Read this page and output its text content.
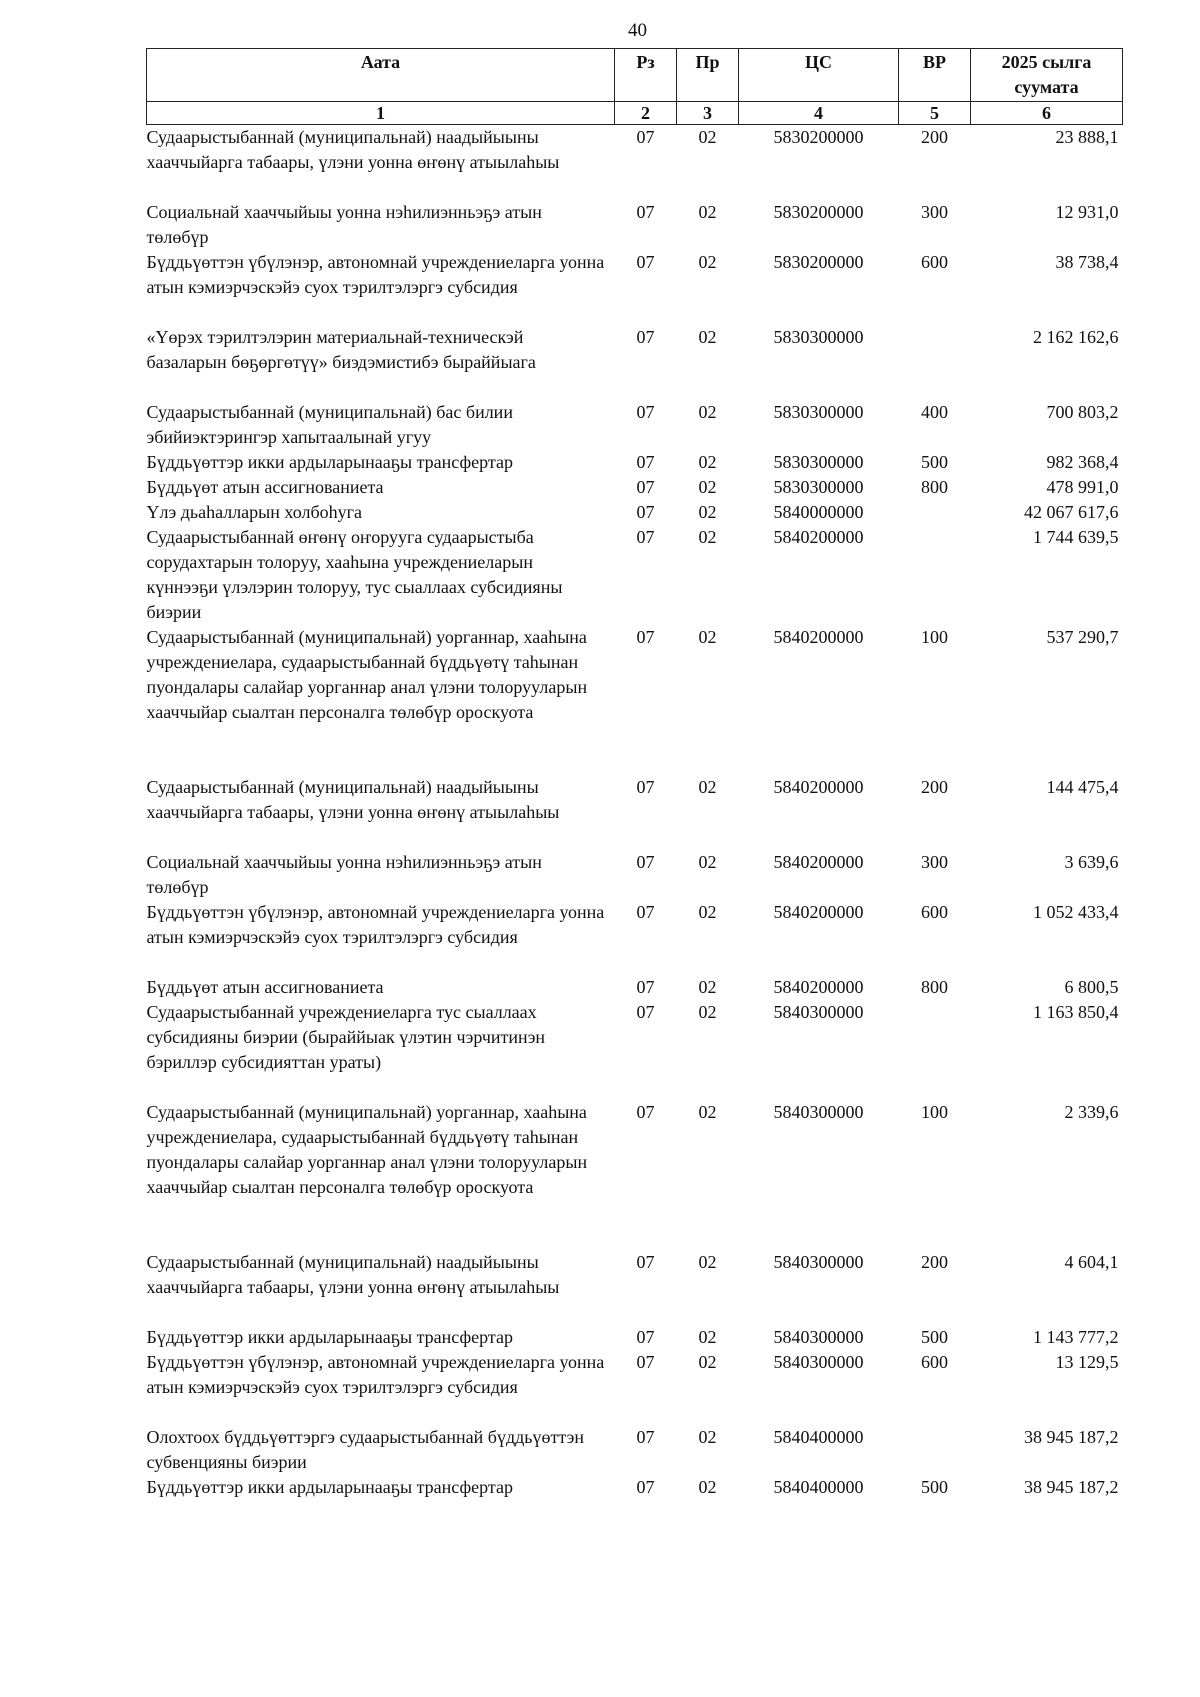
40
Аата	Рз	Пр	ЦС	ВР	2025 сылга суумата
1	2	3	4	5	6
Судаарыстыбаннай (муниципальнай) наадыйыыны хааччыйарга табаары, үлэни уонна өҥөнү атыылаһыы	07	02	5830200000	200	23 888,1
Социальнай хааччыйыы уонна нэһилиэнньэҕэ атын төлөбүр	07	02	5830200000	300	12 931,0
Бүддьүөттэн үбүлэнэр, автономнай учреждениеларга уонна атын кэмиэрчэскэйэ суох тэрилтэлэргэ субсидия	07	02	5830200000	600	38 738,4
«Үөрэх тэрилтэлэрин материальнай-техническэй базаларын бөҕөргөтүү» биэдэмистибэ быраййыага	07	02	5830300000		2 162 162,6
Судаарыстыбаннай (муниципальнай) бас билии эбийиэктэрингэр хапытаалынай угуу	07	02	5830300000	400	700 803,2
Бүддьүөттэр икки ардыларынааҕы трансфертар	07	02	5830300000	500	982 368,4
Бүддьүөт атын ассигнованиета	07	02	5830300000	800	478 991,0
Үлэ дьаһалларын холбоһуга	07	02	5840000000		42 067 617,6
Судаарыстыбаннай өҥөнү оҥорууга судаарыстыба сорудахтарын толоруу, хааһына учреждениеларын күннээҕи үлэлэрин толоруу, тус сыаллаах субсидияны биэрии	07	02	5840200000		1 744 639,5
Судаарыстыбаннай (муниципальнай) уорганнар, хааһына учреждениелара, судаарыстыбаннай бүддьүөтү таһынан пуондалары салайар уорганнар анал үлэни толорууларын хааччыйар сыалтан персоналга төлөбүр ороскуота	07	02	5840200000	100	537 290,7
Судаарыстыбаннай (муниципальнай) наадыйыыны хааччыйарга табаары, үлэни уонна өҥөнү атыылаһыы	07	02	5840200000	200	144 475,4
Социальнай хааччыйыы уонна нэһилиэнньэҕэ атын төлөбүр	07	02	5840200000	300	3 639,6
Бүддьүөттэн үбүлэнэр, автономнай учреждениеларга уонна атын кэмиэрчэскэйэ суох тэрилтэлэргэ субсидия	07	02	5840200000	600	1 052 433,4
Бүддьүөт атын ассигнованиета	07	02	5840200000	800	6 800,5
Судаарыстыбаннай учреждениеларга тус сыаллаах субсидияны биэрии (быраййыак үлэтин чэрчитинэн бэриллэр субсидияттан ураты)	07	02	5840300000		1 163 850,4
Судаарыстыбаннай (муниципальнай) уорганнар, хааһына учреждениелара, судаарыстыбаннай бүддьүөтү таһынан пуондалары салайар уорганнар анал үлэни толорууларын хааччыйар сыалтан персоналга төлөбүр ороскуота	07	02	5840300000	100	2 339,6
Судаарыстыбаннай (муниципальнай) наадыйыыны хааччыйарга табаары, үлэни уонна өҥөнү атыылаһыы	07	02	5840300000	200	4 604,1
Бүддьүөттэр икки ардыларынааҕы трансфертар	07	02	5840300000	500	1 143 777,2
Бүддьүөттэн үбүлэнэр, автономнай учреждениеларга уонна атын кэмиэрчэскэйэ суох тэрилтэлэргэ субсидия	07	02	5840300000	600	13 129,5
Олохтоох бүддьүөттэргэ судаарыстыбаннай бүддьүөттэн субвенцияны биэрии	07	02	5840400000		38 945 187,2
Бүддьүөттэр икки ардыларынааҕы трансфертар	07	02	5840400000	500	38 945 187,2
